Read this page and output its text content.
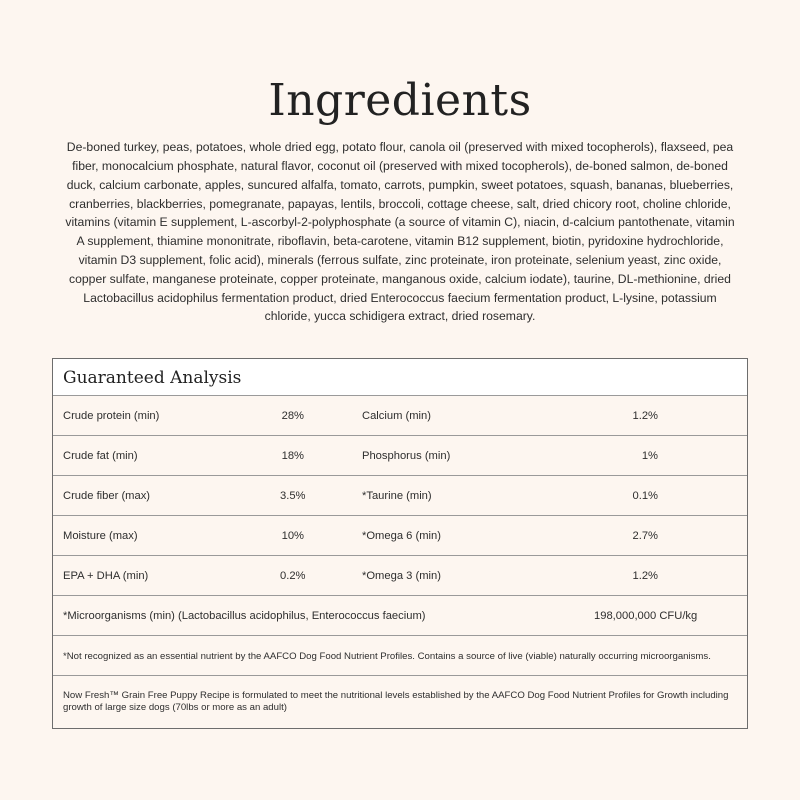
Ingredients

De-boned turkey, peas, potatoes, whole dried egg, potato flour, canola oil (preserved with mixed tocopherols), flaxseed, pea fiber, monocalcium phosphate, natural flavor, coconut oil (preserved with mixed tocopherols), de-boned salmon, de-boned duck, calcium carbonate, apples, suncured alfalfa, tomato, carrots, pumpkin, sweet potatoes, squash, bananas, blueberries, cranberries, blackberries, pomegranate, papayas, lentils, broccoli, cottage cheese, salt, dried chicory root, choline chloride, vitamins (vitamin E supplement, L-ascorbyl-2-polyphosphate (a source of vitamin C), niacin, d-calcium pantothenate, vitamin A supplement, thiamine mononitrate, riboflavin, beta-carotene, vitamin B12 supplement, biotin, pyridoxine hydrochloride, vitamin D3 supplement, folic acid), minerals (ferrous sulfate, zinc proteinate, iron proteinate, selenium yeast, zinc oxide, copper sulfate, manganese proteinate, copper proteinate, manganous oxide, calcium iodate), taurine, DL-methionine, dried Lactobacillus acidophilus fermentation product, dried Enterococcus faecium fermentation product, L-lysine, potassium chloride, yucca schidigera extract, dried rosemary.

Guaranteed Analysis
Crude protein (min)	28%	Calcium (min)	1.2%
Crude fat (min)	18%	Phosphorus (min)	1%
Crude fiber (max)	3.5%	*Taurine (min)	0.1%
Moisture (max)	10%	*Omega 6 (min)	2.7%
EPA + DHA (min)	0.2%	*Omega 3 (min)	1.2%
*Microorganisms (min) (Lactobacillus acidophilus, Enterococcus faecium)	198,000,000 CFU/kg
*Not recognized as an essential nutrient by the AAFCO Dog Food Nutrient Profiles. Contains a source of live (viable) naturally occurring microorganisms.
Now Fresh™ Grain Free Puppy Recipe is formulated to meet the nutritional levels established by the AAFCO Dog Food Nutrient Profiles for Growth including growth of large size dogs (70lbs or more as an adult)
